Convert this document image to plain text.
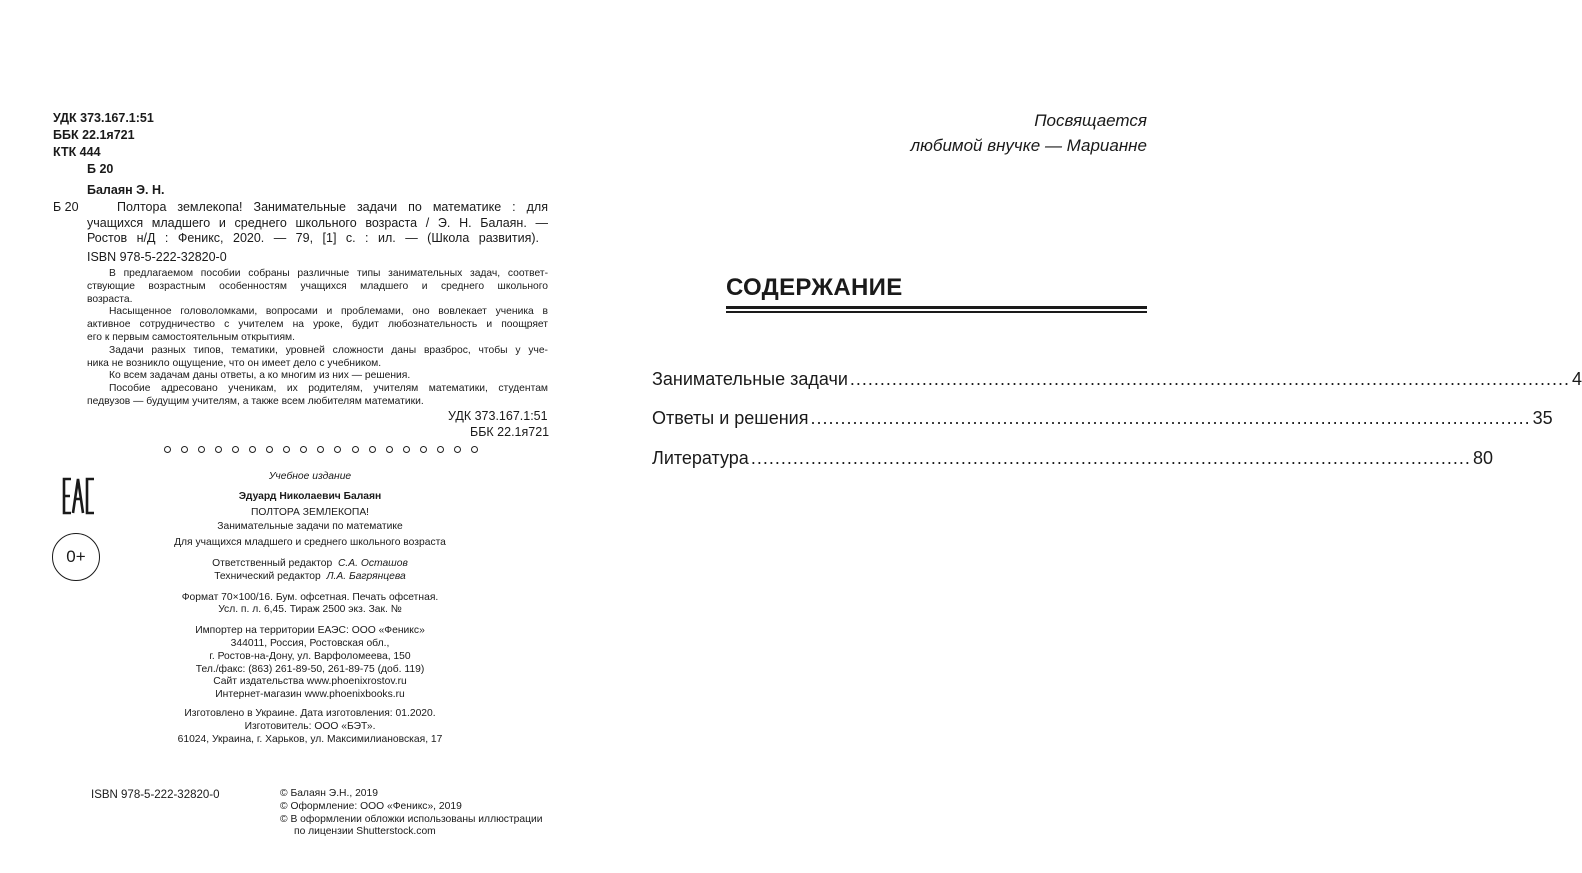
УДК 373.167.1:51
ББК 22.1я721
КТК 444
Б 20
Балаян Э. Н.
Б 20	Полтора землекопа! Занимательные задачи по математике : для
учащихся младшего и среднего школьного возраста / Э. Н. Балаян. —
Ростов н/Д : Феникс, 2020. — 79, [1] с. : ил. — (Школа развития).
ISBN 978-5-222-32820-0
В предлагаемом пособии собраны различные типы занимательных задач, соответ-
ствующие возрастным особенностям учащихся младшего и среднего школьного
возраста.
Насыщенное головоломками, вопросами и проблемами, оно вовлекает ученика в
активное сотрудничество с учителем на уроке, будит любознательность и поощряет
его к первым самостоятельным открытиям.
Задачи разных типов, тематики, уровней сложности даны вразброс, чтобы у уче-
ника не возникло ощущение, что он имеет дело с учебником.
Ко всем задачам даны ответы, а ко многим из них — решения.
Пособие адресовано ученикам, их родителям, учителям математики, студентам
педвузов — будущим учителям, а также всем любителям математики.
УДК 373.167.1:51
ББК 22.1я721
0+
Учебное издание
Эдуард Николаевич Балаян
ПОЛТОРА ЗЕМЛЕКОПА!
Занимательные задачи по математике
Для учащихся младшего и среднего школьного возраста
Ответственный редактор С.А. Осташов
Технический редактор Л.А. Багрянцева
Формат 70×100/16. Бум. офсетная. Печать офсетная.
Усл. п. л. 6,45. Тираж 2500 экз. Зак. №
Импортер на территории ЕАЭС: ООО «Феникс»
344011, Россия, Ростовская обл.,
г. Ростов-на-Дону, ул. Варфоломеева, 150
Тел./факс: (863) 261-89-50, 261-89-75 (доб. 119)
Сайт издательства www.phoenixrostov.ru
Интернет-магазин www.phoenixbooks.ru
Изготовлено в Украине. Дата изготовления: 01.2020.
Изготовитель: ООО «БЭТ».
61024, Украина, г. Харьков, ул. Максимилиановская, 17
ISBN 978-5-222-32820-0	© Балаян Э.Н., 2019
© Оформление: ООО «Феникс», 2019
© В оформлении обложки использованы иллюстрации
по лицензии Shutterstock.com
Посвящается
любимой внучке — Марианне
СОДЕРЖАНИЕ
Занимательные задачи ........................................................................................................................ 4
Ответы и решения ........................................................................................................................ 35
Литература ........................................................................................................................ 80
